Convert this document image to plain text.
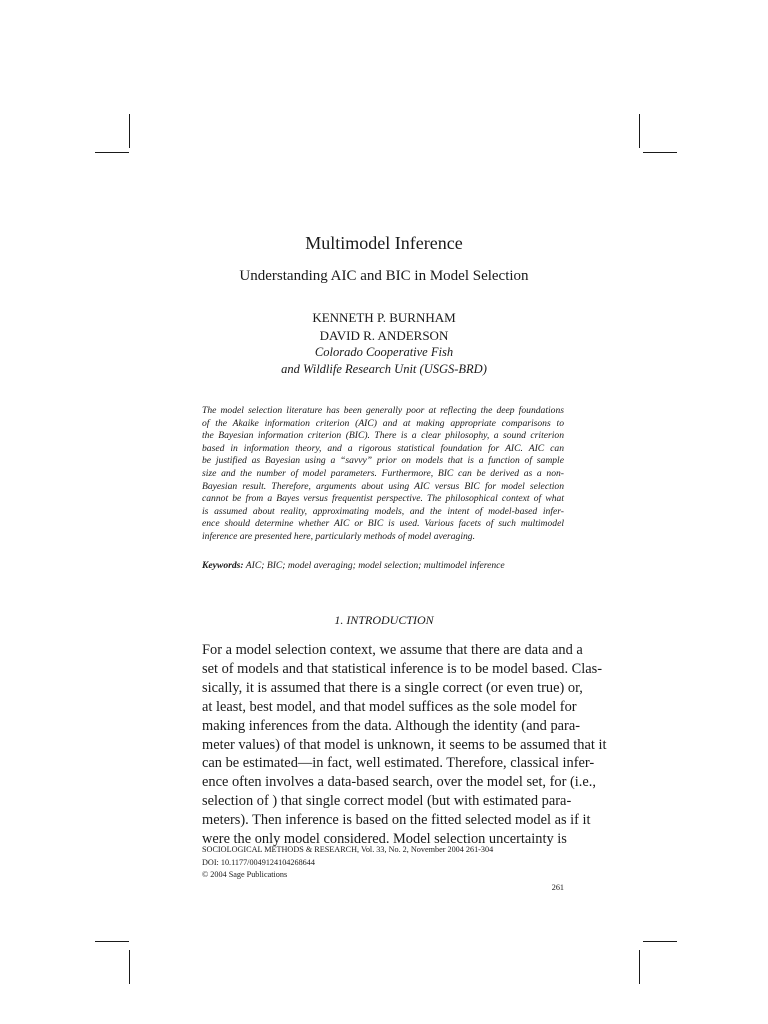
Multimodel Inference
Understanding AIC and BIC in Model Selection
KENNETH P. BURNHAM
DAVID R. ANDERSON
Colorado Cooperative Fish
and Wildlife Research Unit (USGS-BRD)
The model selection literature has been generally poor at reflecting the deep foundations
of the Akaike information criterion (AIC) and at making appropriate comparisons to
the Bayesian information criterion (BIC). There is a clear philosophy, a sound criterion
based in information theory, and a rigorous statistical foundation for AIC. AIC can
be justified as Bayesian using a “savvy” prior on models that is a function of sample
size and the number of model parameters. Furthermore, BIC can be derived as a non-
Bayesian result. Therefore, arguments about using AIC versus BIC for model selection
cannot be from a Bayes versus frequentist perspective. The philosophical context of what
is assumed about reality, approximating models, and the intent of model-based infer-
ence should determine whether AIC or BIC is used. Various facets of such multimodel
inference are presented here, particularly methods of model averaging.
Keywords: AIC; BIC; model averaging; model selection; multimodel inference
1. INTRODUCTION
For a model selection context, we assume that there are data and a
set of models and that statistical inference is to be model based. Clas-
sically, it is assumed that there is a single correct (or even true) or,
at least, best model, and that model suffices as the sole model for
making inferences from the data. Although the identity (and para-
meter values) of that model is unknown, it seems to be assumed that it
can be estimated—in fact, well estimated. Therefore, classical infer-
ence often involves a data-based search, over the model set, for (i.e.,
selection of ) that single correct model (but with estimated para-
meters). Then inference is based on the fitted selected model as if it
were the only model considered. Model selection uncertainty is
SOCIOLOGICAL METHODS & RESEARCH, Vol. 33, No. 2, November 2004 261-304
DOI: 10.1177/0049124104268644
© 2004 Sage Publications
261
